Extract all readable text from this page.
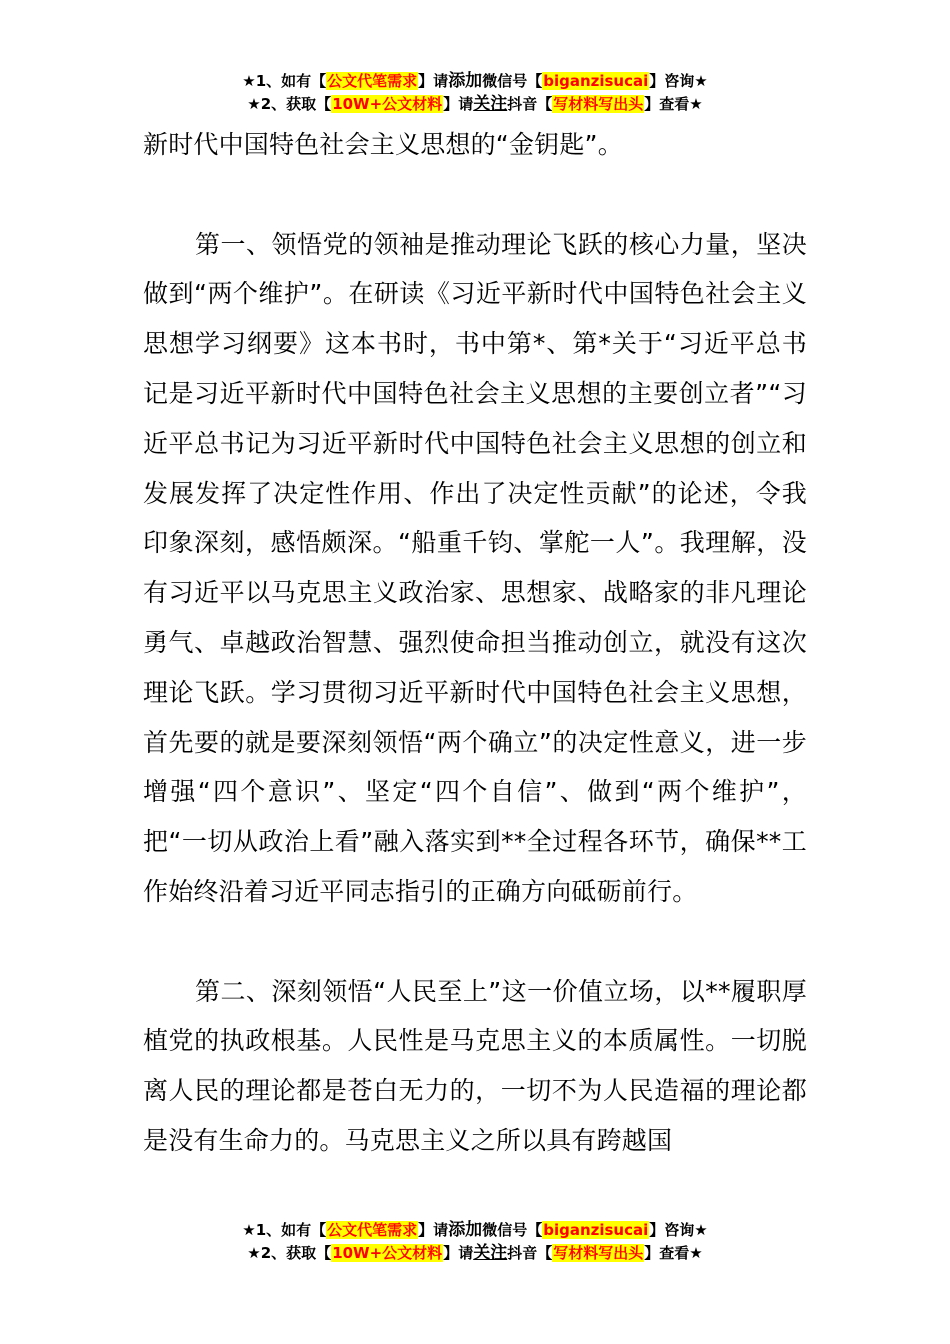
★1、如有【公文代笔需求】请添加微信号【biganzisucai】咨询★
★2、获取【10W+公文材料】请关注抖音【写材料写出头】查看★

新时代中国特色社会主义思想的“金钥匙”。

第一、领悟党的领袖是推动理论飞跃的核心力量，坚决做到“两个维护”。在研读《习近平新时代中国特色社会主义思想学习纲要》这本书时，书中第*、第*关于“习近平总书记是习近平新时代中国特色社会主义思想的主要创立者”“习近平总书记为习近平新时代中国特色社会主义思想的创立和发展发挥了决定性作用、作出了决定性贡献”的论述，令我印象深刻，感悟颇深。“船重千钧、掌舵一人”。我理解，没有习近平以马克思主义政治家、思想家、战略家的非凡理论勇气、卓越政治智慧、强烈使命担当推动创立，就没有这次理论飞跃。学习贯彻习近平新时代中国特色社会主义思想，首先要的就是要深刻领悟“两个确立”的决定性意义，进一步增强“四个意识”、坚定“四个自信”、做到“两个维护”，把“一切从政治上看”融入落实到**全过程各环节，确保**工作始终沿着习近平同志指引的正确方向砥砺前行。

第二、深刻领悟“人民至上”这一价值立场，以**履职厚植党的执政根基。人民性是马克思主义的本质属性。一切脱离人民的理论都是苍白无力的，一切不为人民造福的理论都是没有生命力的。马克思主义之所以具有跨越国

★1、如有【公文代笔需求】请添加微信号【biganzisucai】咨询★
★2、获取【10W+公文材料】请关注抖音【写材料写出头】查看★
